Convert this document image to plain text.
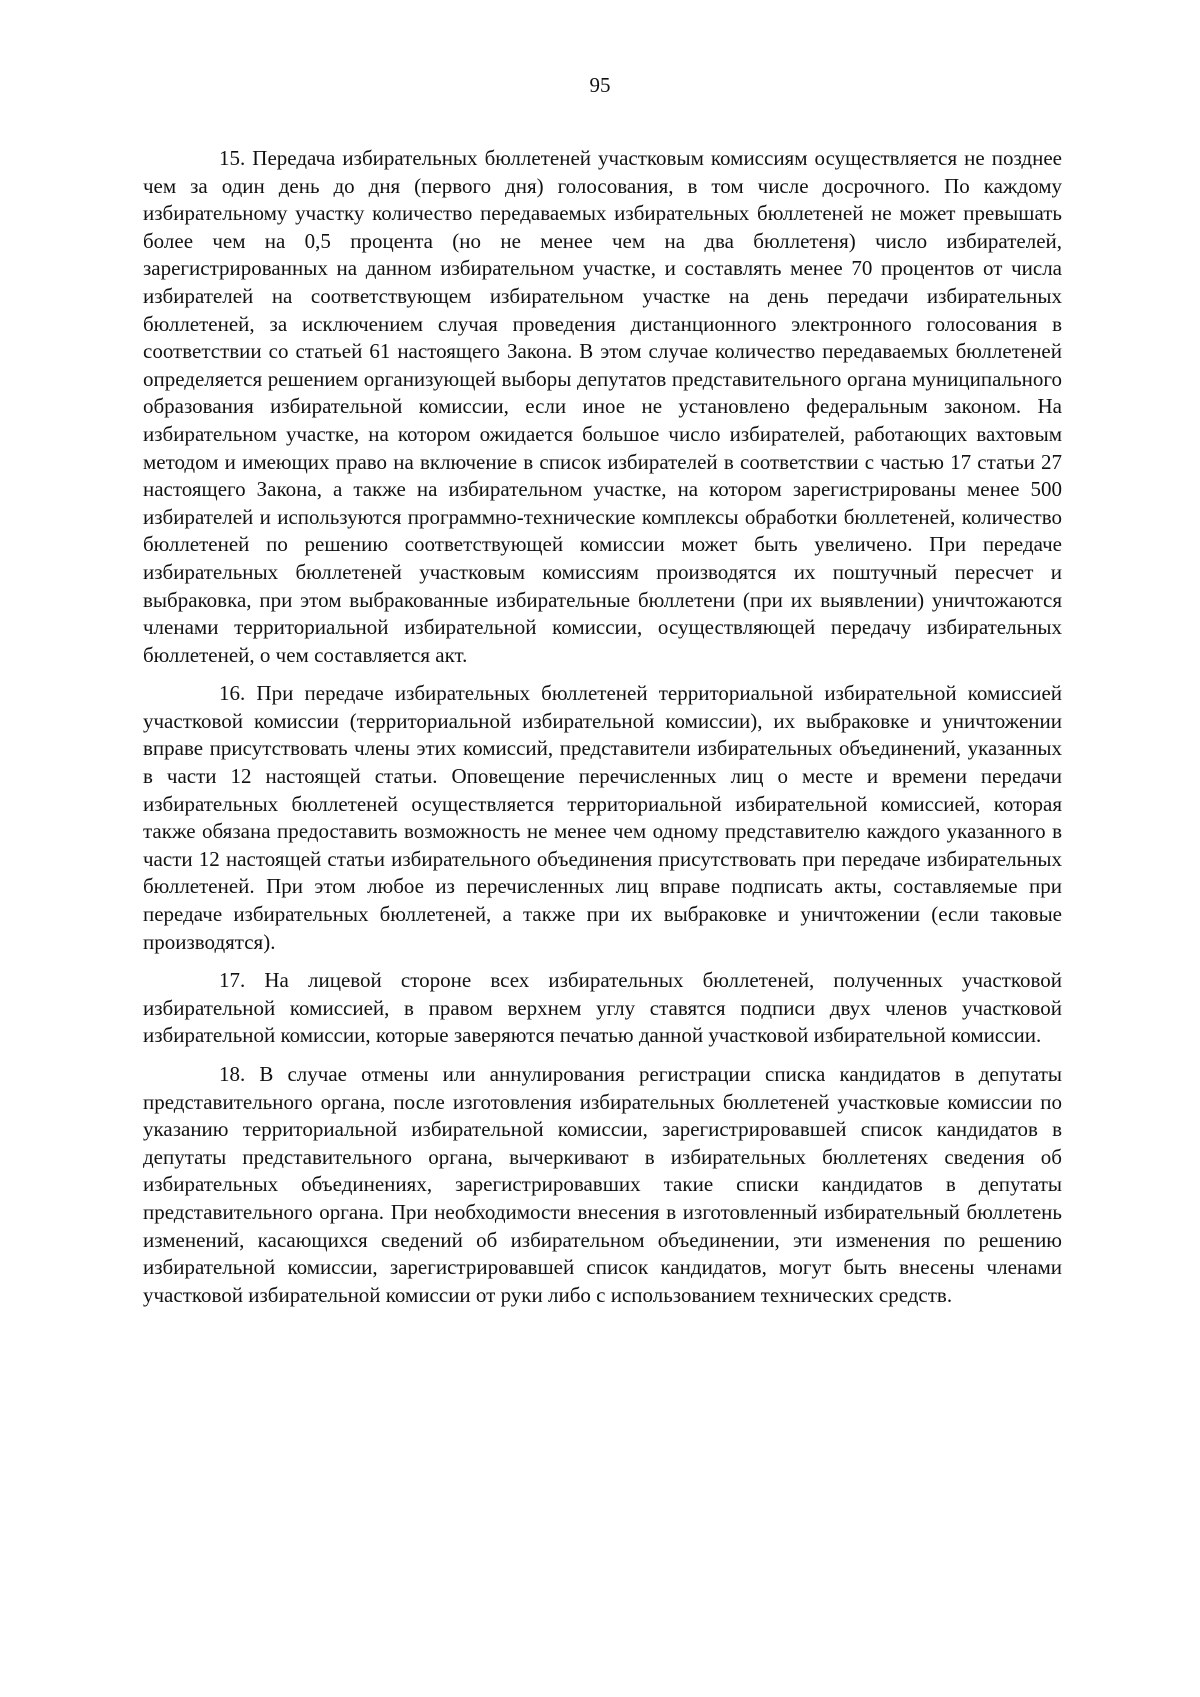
95

15. Передача избирательных бюллетеней участковым комиссиям осуществляется не позднее чем за один день до дня (первого дня) голосования, в том числе досрочного. По каждому избирательному участку количество передаваемых избирательных бюллетеней не может превышать более чем на 0,5 процента (но не менее чем на два бюллетеня) число избирателей, зарегистрированных на данном избирательном участке, и составлять менее 70 процентов от числа избирателей на соответствующем избирательном участке на день передачи избирательных бюллетеней, за исключением случая проведения дистанционного электронного голосования в соответствии со статьей 61 настоящего Закона. В этом случае количество передаваемых бюллетеней определяется решением организующей выборы депутатов представительного органа муниципального образования избирательной комиссии, если иное не установлено федеральным законом. На избирательном участке, на котором ожидается большое число избирателей, работающих вахтовым методом и имеющих право на включение в список избирателей в соответствии с частью 17 статьи 27 настоящего Закона, а также на избирательном участке, на котором зарегистрированы менее 500 избирателей и используются программно-технические комплексы обработки бюллетеней, количество бюллетеней по решению соответствующей комиссии может быть увеличено. При передаче избирательных бюллетеней участковым комиссиям производятся их поштучный пересчет и выбраковка, при этом выбракованные избирательные бюллетени (при их выявлении) уничтожаются членами территориальной избирательной комиссии, осуществляющей передачу избирательных бюллетеней, о чем составляется акт.

16. При передаче избирательных бюллетеней территориальной избирательной комиссией участковой комиссии (территориальной избирательной комиссии), их выбраковке и уничтожении вправе присутствовать члены этих комиссий, представители избирательных объединений, указанных в части 12 настоящей статьи. Оповещение перечисленных лиц о месте и времени передачи избирательных бюллетеней осуществляется территориальной избирательной комиссией, которая также обязана предоставить возможность не менее чем одному представителю каждого указанного в части 12 настоящей статьи избирательного объединения присутствовать при передаче избирательных бюллетеней. При этом любое из перечисленных лиц вправе подписать акты, составляемые при передаче избирательных бюллетеней, а также при их выбраковке и уничтожении (если таковые производятся).

17. На лицевой стороне всех избирательных бюллетеней, полученных участковой избирательной комиссией, в правом верхнем углу ставятся подписи двух членов участковой избирательной комиссии, которые заверяются печатью данной участковой избирательной комиссии.

18. В случае отмены или аннулирования регистрации списка кандидатов в депутаты представительного органа, после изготовления избирательных бюллетеней участковые комиссии по указанию территориальной избирательной комиссии, зарегистрировавшей список кандидатов в депутаты представительного органа, вычеркивают в избирательных бюллетенях сведения об избирательных объединениях, зарегистрировавших такие списки кандидатов в депутаты представительного органа. При необходимости внесения в изготовленный избирательный бюллетень изменений, касающихся сведений об избирательном объединении, эти изменения по решению избирательной комиссии, зарегистрировавшей список кандидатов, могут быть внесены членами участковой избирательной комиссии от руки либо с использованием технических средств.
